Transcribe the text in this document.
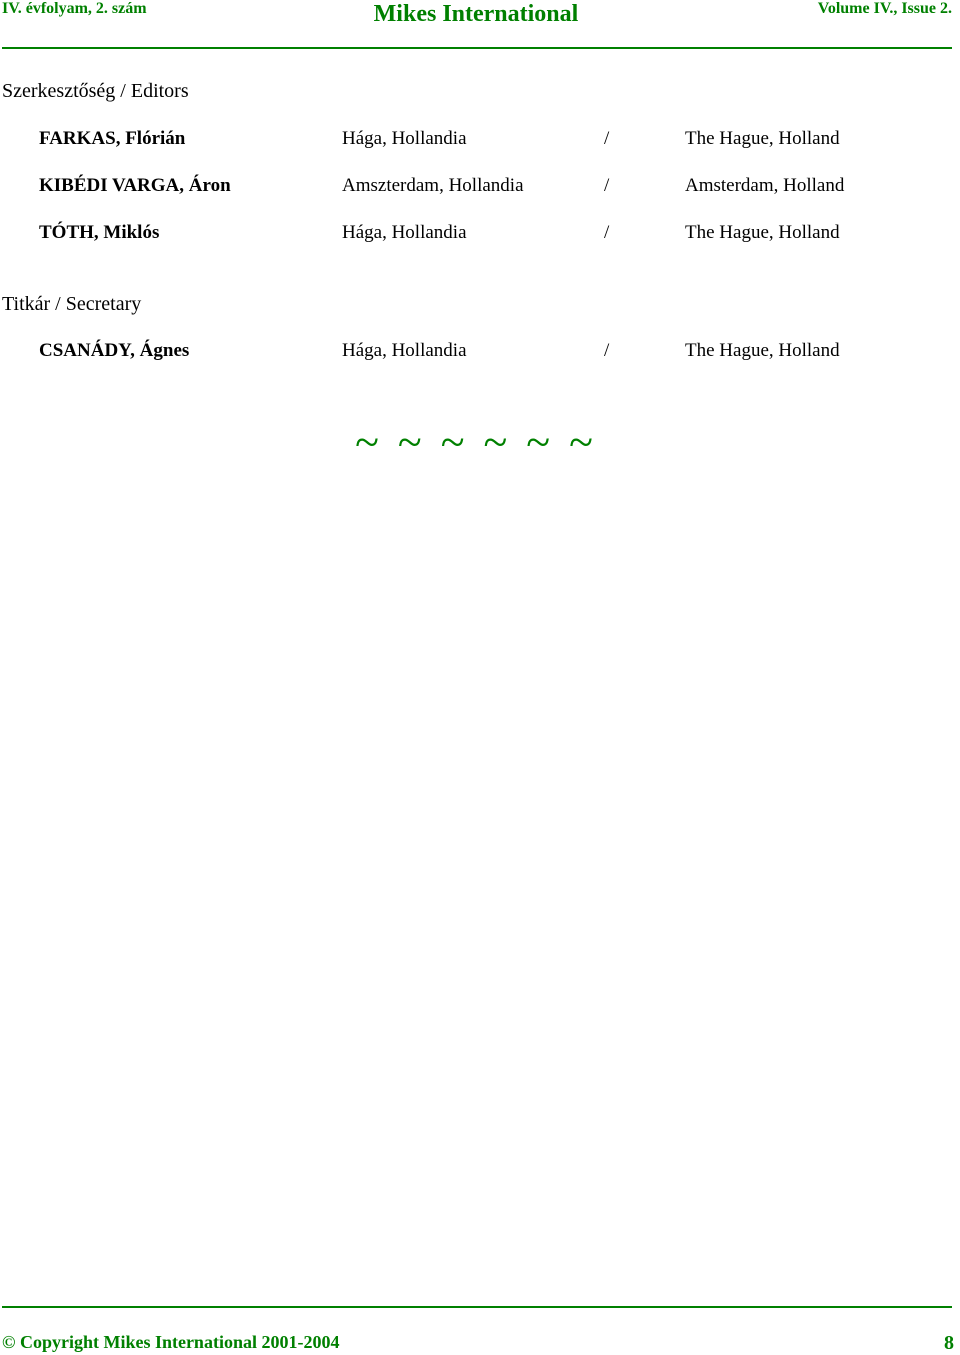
IV. évfolyam, 2. szám	Mikes International	Volume IV., Issue 2.
Szerkesztőség / Editors
FARKAS, Flórián	Hága, Hollandia	/	The Hague, Holland
KIBÉDI VARGA, Áron	Amszterdam, Hollandia	/	Amsterdam, Holland
TÓTH, Miklós	Hága, Hollandia	/	The Hague, Holland
Titkár / Secretary
CSANÁDY, Ágnes	Hága, Hollandia	/	The Hague, Holland
~ ~ ~ ~ ~ ~
© Copyright Mikes International 2001-2004	8
